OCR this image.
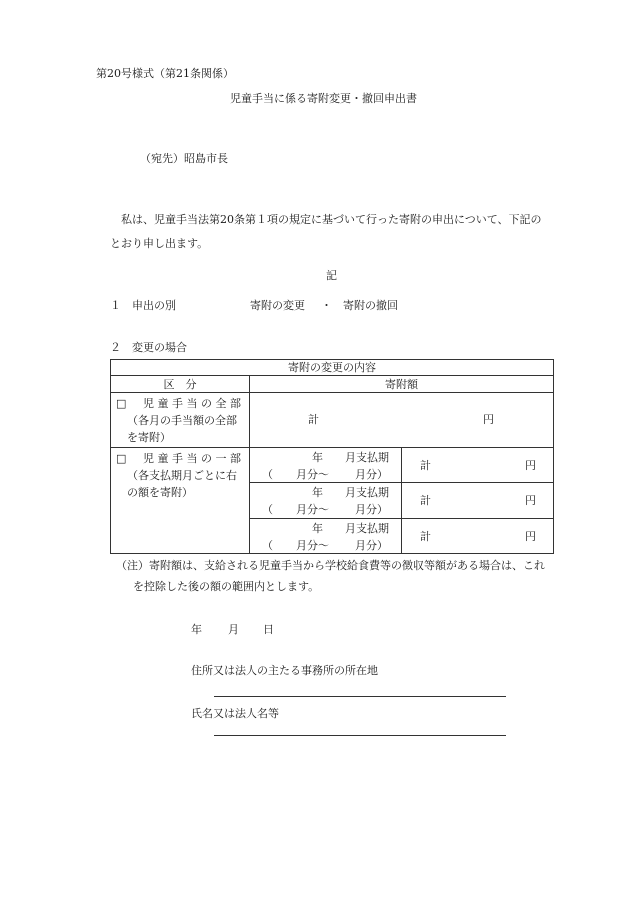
第20号様式（第21条関係）
児童手当に係る寄附変更・撤回申出書
（宛先）昭島市長
私は、児童手当法第20条第１項の規定に基づいて行った寄附の申出について、下記の
とおり申し出ます。
記
１　申出の別	寄附の変更 ・ 寄附の撤回
２　変更の場合
寄附の変更の内容		
区　分	寄附額	

□ 児 童 手 当 の 全 部
（各月の手当額の全部
を寄附）	計 円	

□ 児 童 手 当 の 一 部
（各支払期月ごとに右
の額を寄附）	年　　月支払期
（ 月分～ 月分）	計 円

	年　　月支払期
（ 月分～ 月分）	計 円

	年　　月支払期
（ 月分～ 月分）	計 円
（注）寄附額は、支給される児童手当から学校給食費等の徴収等額がある場合は、これ
を控除した後の額の範囲内とします。
年 月 日
住所又は法人の主たる事務所の所在地
氏名又は法人名等
